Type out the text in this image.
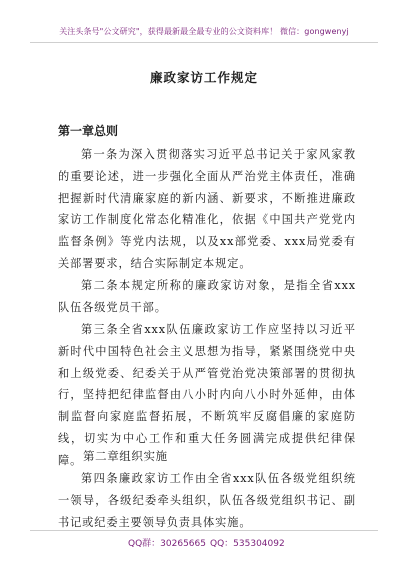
关注头条号"公文研究"，获得最新最全最专业的公文资料库！ 微信：gongwenyj
廉政家访工作规定
第一章总则

第一条为深入贯彻落实习近平总书记关于家风家教的重要论述，进一步强化全面从严治党主体责任，准确把握新时代清廉家庭的新内涵、新要求，不断推进廉政家访工作制度化常态化精准化，依据《中国共产党党内监督条例》等党内法规，以及xx部党委、xxx局党委有关部署要求，结合实际制定本规定。

第二条本规定所称的廉政家访对象，是指全省xxx队伍各级党员干部。

第三条全省xxx队伍廉政家访工作应坚持以习近平新时代中国特色社会主义思想为指导，紧紧围绕党中央和上级党委、纪委关于从严管党治党决策部署的贯彻执行，坚持把纪律监督由八小时内向八小时外延伸，由体制监督向家庭监督拓展，不断筑牢反腐倡廉的家庭防线，切实为中心工作和重大任务圆满完成提供纪律保障。 第二章组织实施

第四条廉政家访工作由全省xxx队伍各级党组织统一领导，各级纪委牵头组织，队伍各级党组织书记、副书记或纪委主要领导负责具体实施。

QQ群：30265665 QQ：535304092
